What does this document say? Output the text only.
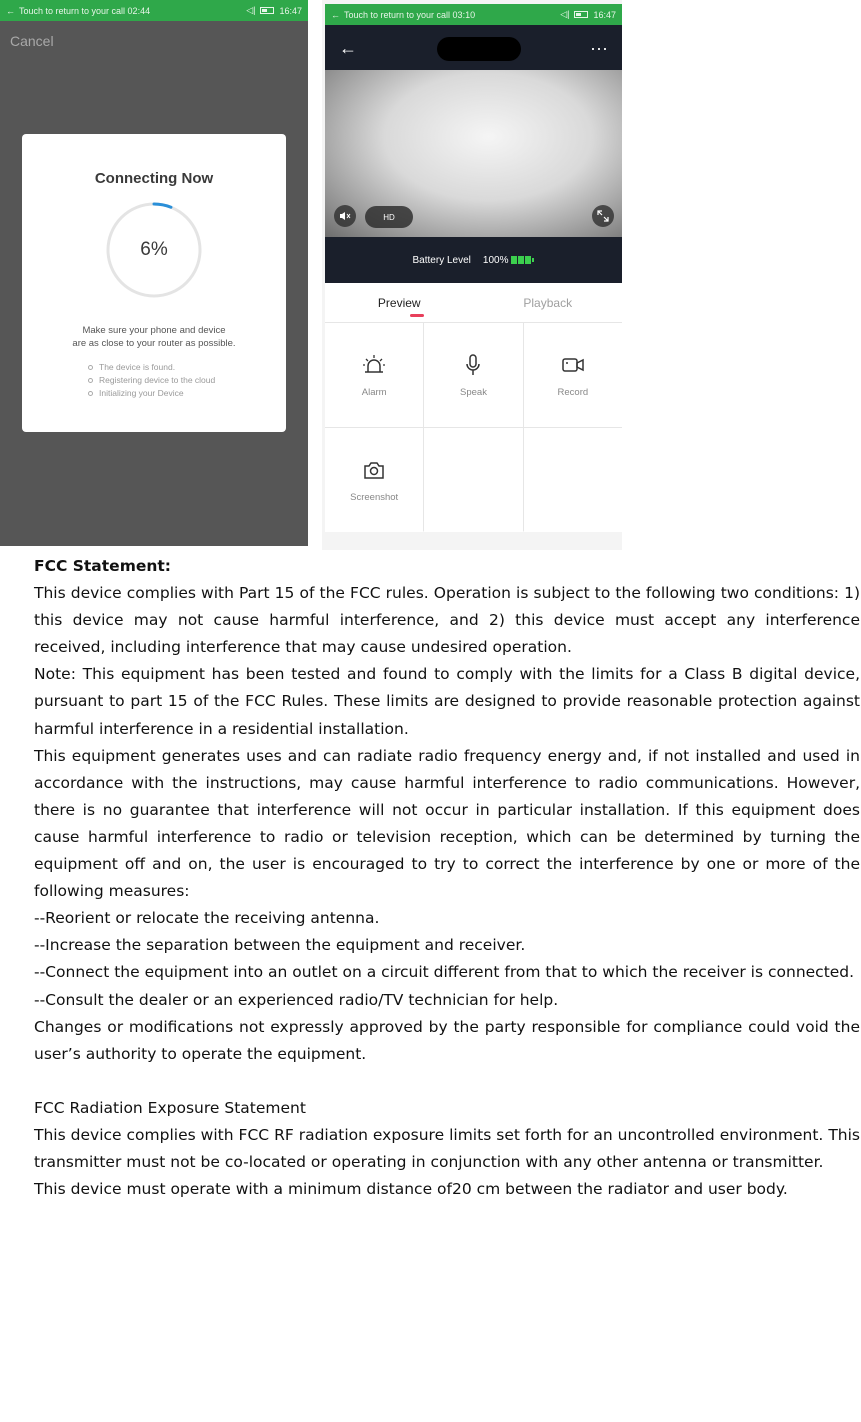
← Touch to return to your call 02:44	◁|	16:47
Cancel
Connecting Now
6%
Make sure your phone and device
are as close to your router as possible.
The device is found.
Registering device to the cloud
Initializing your Device
← Touch to return to your call 03:10	◁|	16:47
←	···
HD
Battery Level 100%
Preview	Playback
Alarm	Speak	Record
Screenshot

FCC Statement:

This device complies with Part 15 of the FCC rules. Operation is subject to the following two conditions: 1) this device may not cause harmful interference, and 2) this device must accept any interference received, including interference that may cause undesired operation.

Note: This equipment has been tested and found to comply with the limits for a Class B digital device, pursuant to part 15 of the FCC Rules. These limits are designed to provide reasonable protection against harmful interference in a residential installation.

This equipment generates uses and can radiate radio frequency energy and, if not installed and used in accordance with the instructions, may cause harmful interference to radio communications. However, there is no guarantee that interference will not occur in particular installation. If this equipment does cause harmful interference to radio or television reception, which can be determined by turning the equipment off and on, the user is encouraged to try to correct the interference by one or more of the following measures:

--Reorient or relocate the receiving antenna.

--Increase the separation between the equipment and receiver.

--Connect the equipment into an outlet on a circuit different from that to which the receiver is connected.

--Consult the dealer or an experienced radio/TV technician for help.

Changes or modifications not expressly approved by the party responsible for compliance could void the user’s authority to operate the equipment.

FCC Radiation Exposure Statement

This device complies with FCC RF radiation exposure limits set forth for an uncontrolled environment. This transmitter must not be co-located or operating in conjunction with any other antenna or transmitter.

This device must operate with a minimum distance of20 cm between the radiator and user body.
